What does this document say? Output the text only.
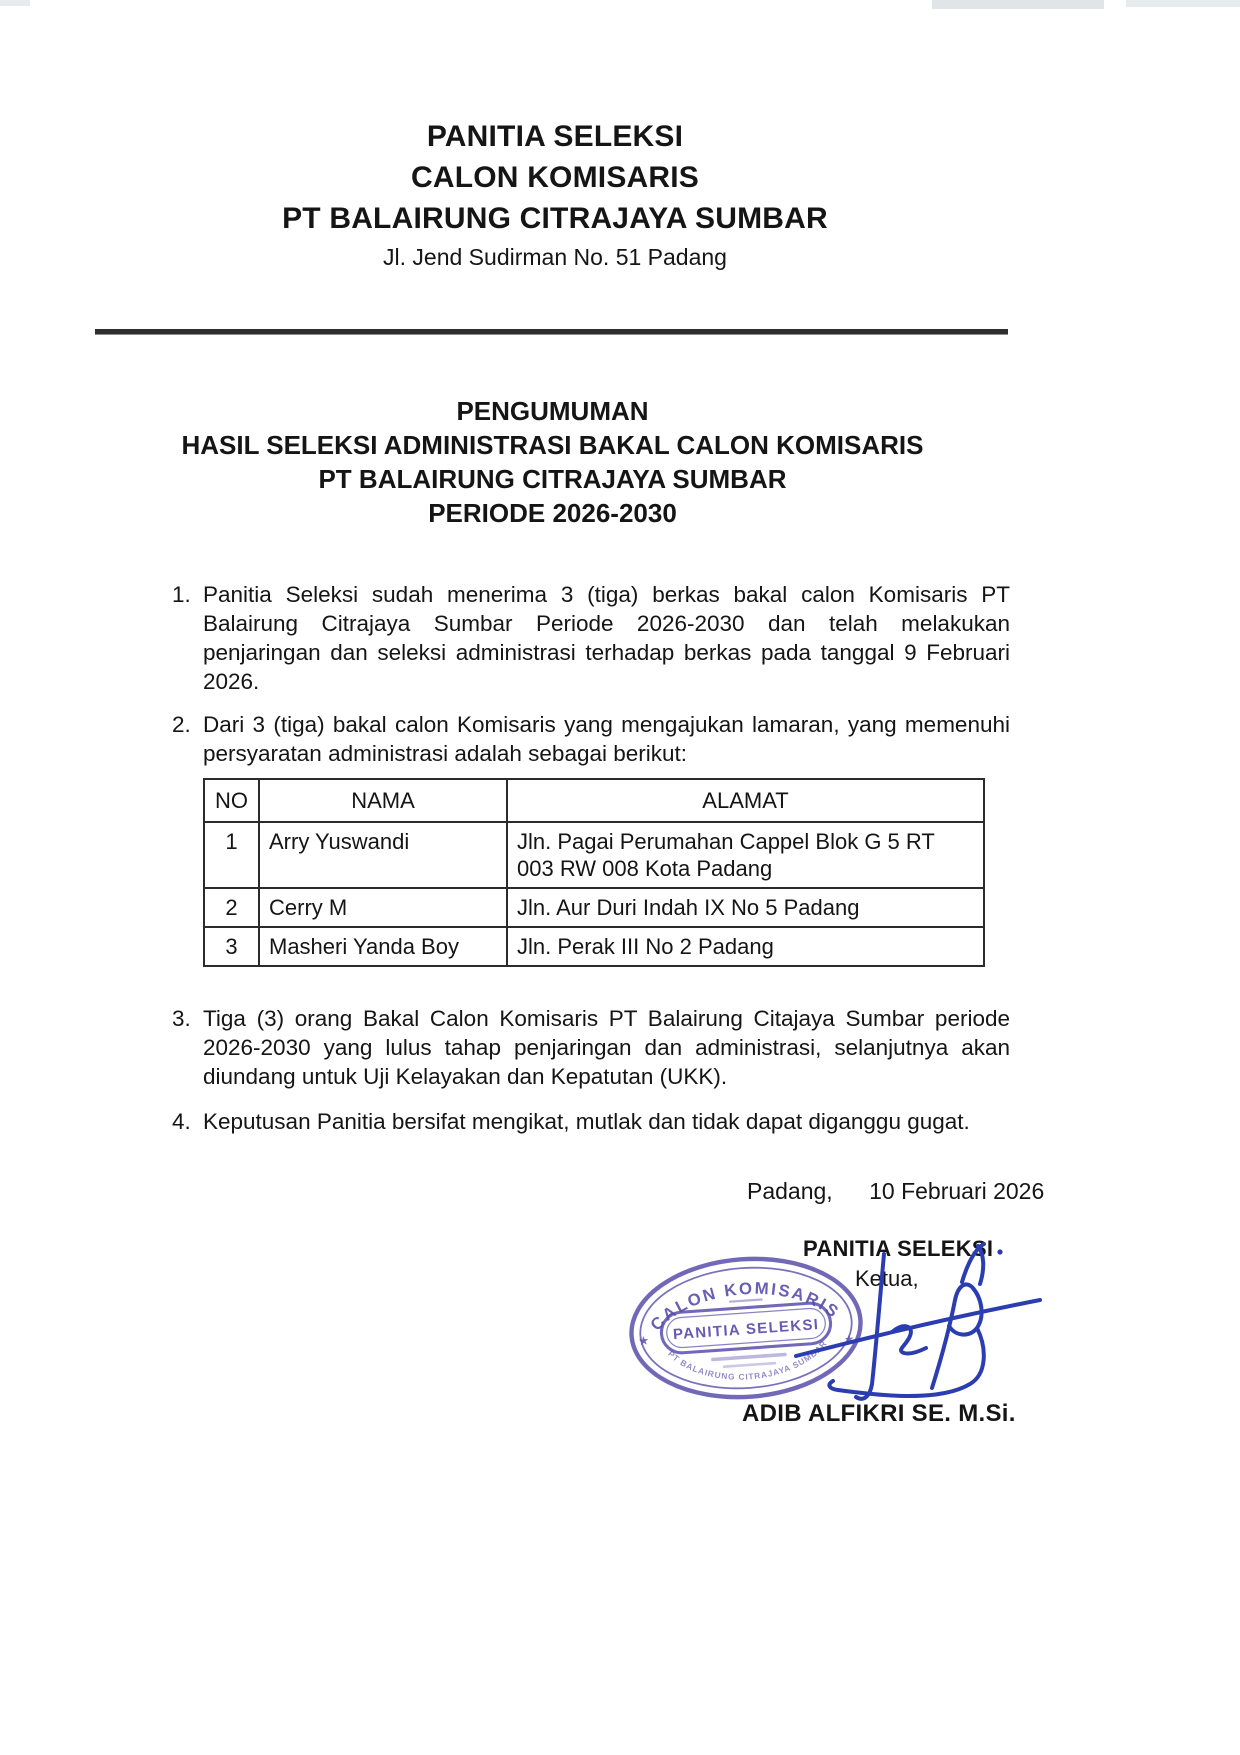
PANITIA SELEKSI
CALON KOMISARIS
PT BALAIRUNG CITRAJAYA SUMBAR
Jl. Jend Sudirman No. 51 Padang
PENGUMUMAN
HASIL SELEKSI ADMINISTRASI BAKAL CALON KOMISARIS
PT BALAIRUNG CITRAJAYA SUMBAR
PERIODE 2026-2030
1. Panitia Seleksi sudah menerima 3 (tiga) berkas bakal calon Komisaris PT Balairung Citrajaya Sumbar Periode 2026-2030 dan telah melakukan penjaringan dan seleksi administrasi terhadap berkas pada tanggal 9 Februari 2026.
2. Dari 3 (tiga) bakal calon Komisaris yang mengajukan lamaran, yang memenuhi persyaratan administrasi adalah sebagai berikut:
NO	NAMA	ALAMAT
1	Arry Yuswandi	Jln. Pagai Perumahan Cappel Blok G 5 RT 003 RW 008 Kota Padang
2	Cerry M	Jln. Aur Duri Indah IX No 5 Padang
3	Masheri Yanda Boy	Jln. Perak III No 2 Padang
3. Tiga (3) orang Bakal Calon Komisaris PT Balairung Citajaya Sumbar periode 2026-2030 yang lulus tahap penjaringan dan administrasi, selanjutnya akan diundang untuk Uji Kelayakan dan Kepatutan (UKK).
4. Keputusan Panitia bersifat mengikat, mutlak dan tidak dapat diganggu gugat.
Padang, 10 Februari 2026
PANITIA SELEKSI
Ketua,
CALON KOMISARIS
PANITIA SELEKSI
PT BALAIRUNG CITRAJAYA SUMBAR
★	★
ADIB ALFIKRI SE. M.Si.
